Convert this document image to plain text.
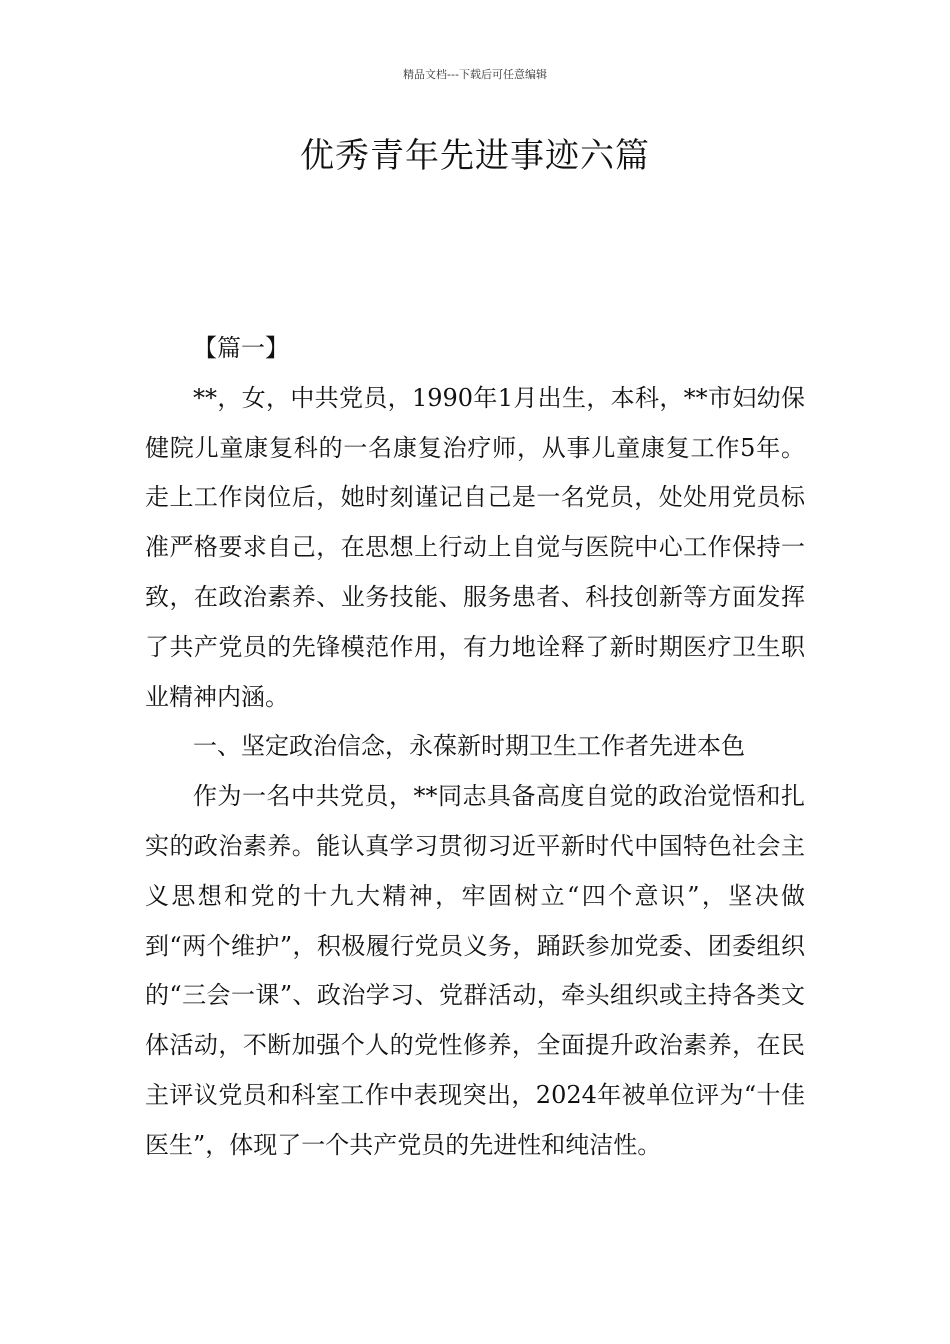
精品文档---下载后可任意编辑
优秀青年先进事迹六篇

【篇一】

**，女，中共党员，1990年1月出生，本科，**市妇幼保健院儿童康复科的一名康复治疗师，从事儿童康复工作5年。走上工作岗位后，她时刻谨记自己是一名党员，处处用党员标准严格要求自己，在思想上行动上自觉与医院中心工作保持一致，在政治素养、业务技能、服务患者、科技创新等方面发挥了共产党员的先锋模范作用，有力地诠释了新时期医疗卫生职业精神内涵。

一、坚定政治信念，永葆新时期卫生工作者先进本色

作为一名中共党员，**同志具备高度自觉的政治觉悟和扎实的政治素养。能认真学习贯彻习近平新时代中国特色社会主义思想和党的十九大精神，牢固树立“四个意识”，坚决做到“两个维护”，积极履行党员义务，踊跃参加党委、团委组织的“三会一课”、政治学习、党群活动，牵头组织或主持各类文体活动，不断加强个人的党性修养，全面提升政治素养，在民主评议党员和科室工作中表现突出，2024年被单位评为“十佳医生”，体现了一个共产党员的先进性和纯洁性。
